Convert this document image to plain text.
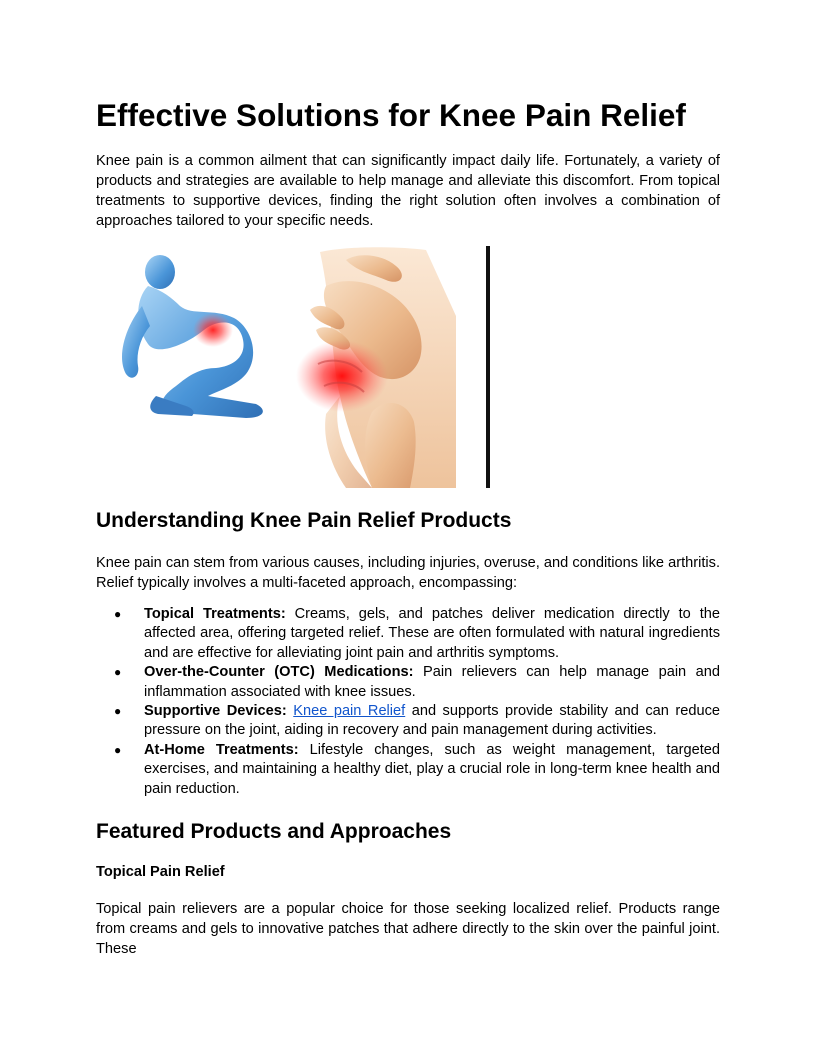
Effective Solutions for Knee Pain Relief

Knee pain is a common ailment that can significantly impact daily life. Fortunately, a variety of products and strategies are available to help manage and alleviate this discomfort. From topical treatments to supportive devices, finding the right solution often involves a combination of approaches tailored to your specific needs.

Understanding Knee Pain Relief Products

Knee pain can stem from various causes, including injuries, overuse, and conditions like arthritis. Relief typically involves a multi-faceted approach, encompassing:

● Topical Treatments: Creams, gels, and patches deliver medication directly to the affected area, offering targeted relief. These are often formulated with natural ingredients and are effective for alleviating joint pain and arthritis symptoms.
● Over-the-Counter (OTC) Medications: Pain relievers can help manage pain and inflammation associated with knee issues.
● Supportive Devices: Knee pain Relief and supports provide stability and can reduce pressure on the joint, aiding in recovery and pain management during activities.
● At-Home Treatments: Lifestyle changes, such as weight management, targeted exercises, and maintaining a healthy diet, play a crucial role in long-term knee health and pain reduction.
Featured Products and Approaches
Topical Pain Relief

Topical pain relievers are a popular choice for those seeking localized relief. Products range from creams and gels to innovative patches that adhere directly to the skin over the painful joint. These
